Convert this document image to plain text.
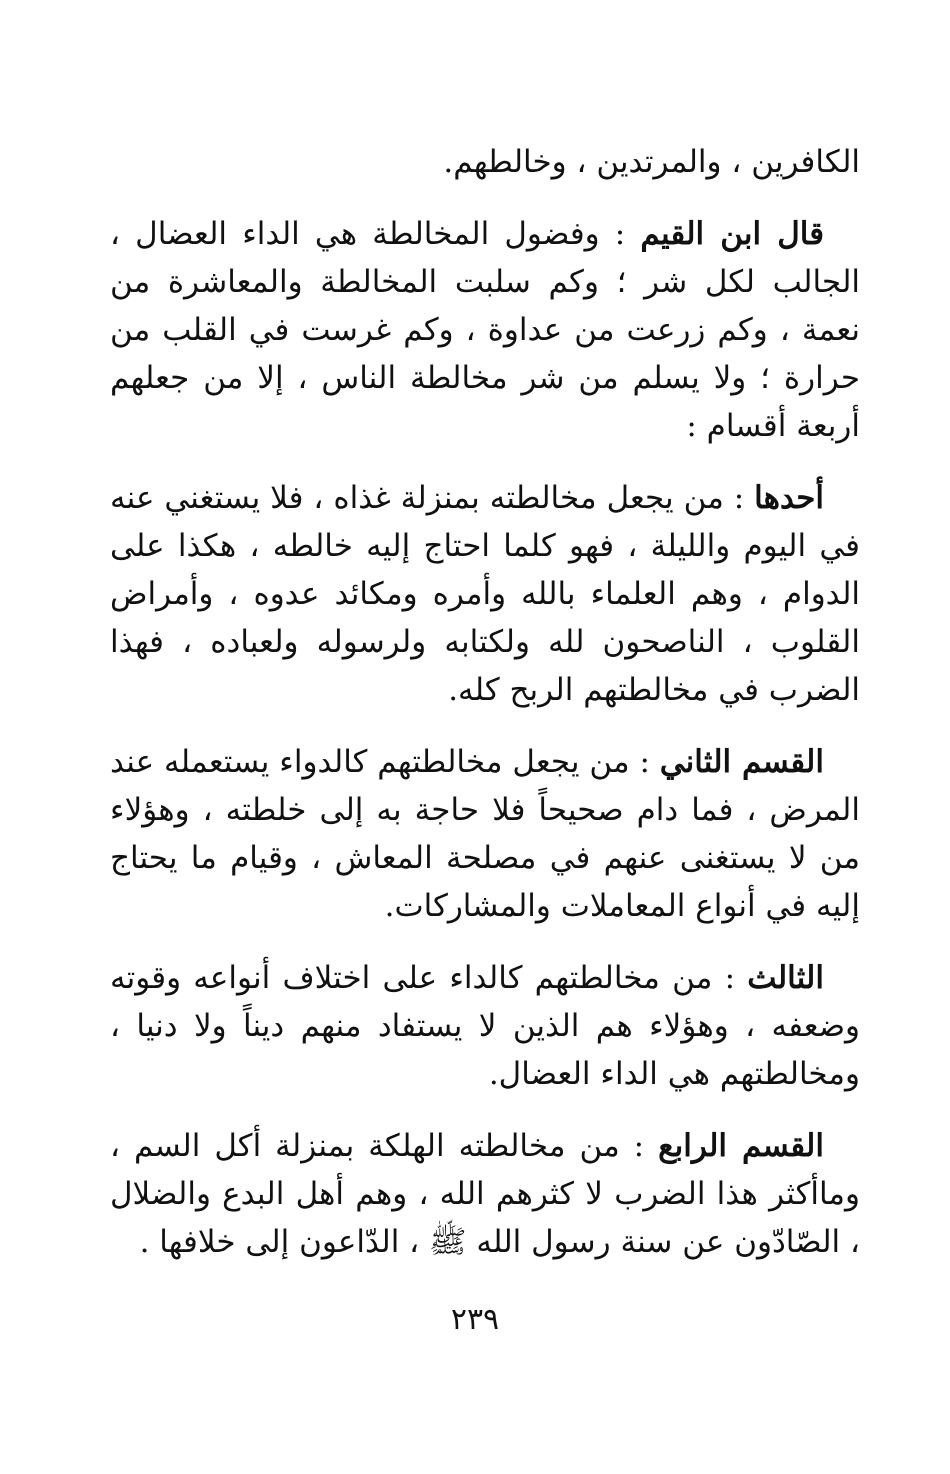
الكافرين ، والمرتدين ، وخالطهم.

قال ابن القيم : وفضول المخالطة هي الداء العضال ، الجالب لكل شر ؛ وكم سلبت المخالطة والمعاشرة من نعمة ، وكم زرعت من عداوة ، وكم غرست في القلب من حرارة ؛ ولا يسلم من شر مخالطة الناس ، إلا من جعلهم أربعة أقسام :

أحدها : من يجعل مخالطته بمنزلة غذاه ، فلا يستغني عنه في اليوم والليلة ، فهو كلما احتاج إليه خالطه ، هكذا على الدوام ، وهم العلماء بالله وأمره ومكائد عدوه ، وأمراض القلوب ، الناصحون لله ولكتابه ولرسوله ولعباده ، فهذا الضرب في مخالطتهم الربح كله.

القسم الثاني : من يجعل مخالطتهم كالدواء يستعمله عند المرض ، فما دام صحيحاً فلا حاجة به إلى خلطته ، وهؤلاء من لا يستغنى عنهم في مصلحة المعاش ، وقيام ما يحتاج إليه في أنواع المعاملات والمشاركات.

الثالث : من مخالطتهم كالداء على اختلاف أنواعه وقوته وضعفه ، وهؤلاء هم الذين لا يستفاد منهم ديناً ولا دنيا ، ومخالطتهم هي الداء العضال.

القسم الرابع : من مخالطته الهلكة بمنزلة أكل السم ، وماأكثر هذا الضرب لا كثرهم الله ، وهم أهل البدع والضلال ، الصّادّون عن سنة رسول الله ﷺ ، الدّاعون إلى خلافها .

٢٣٩
